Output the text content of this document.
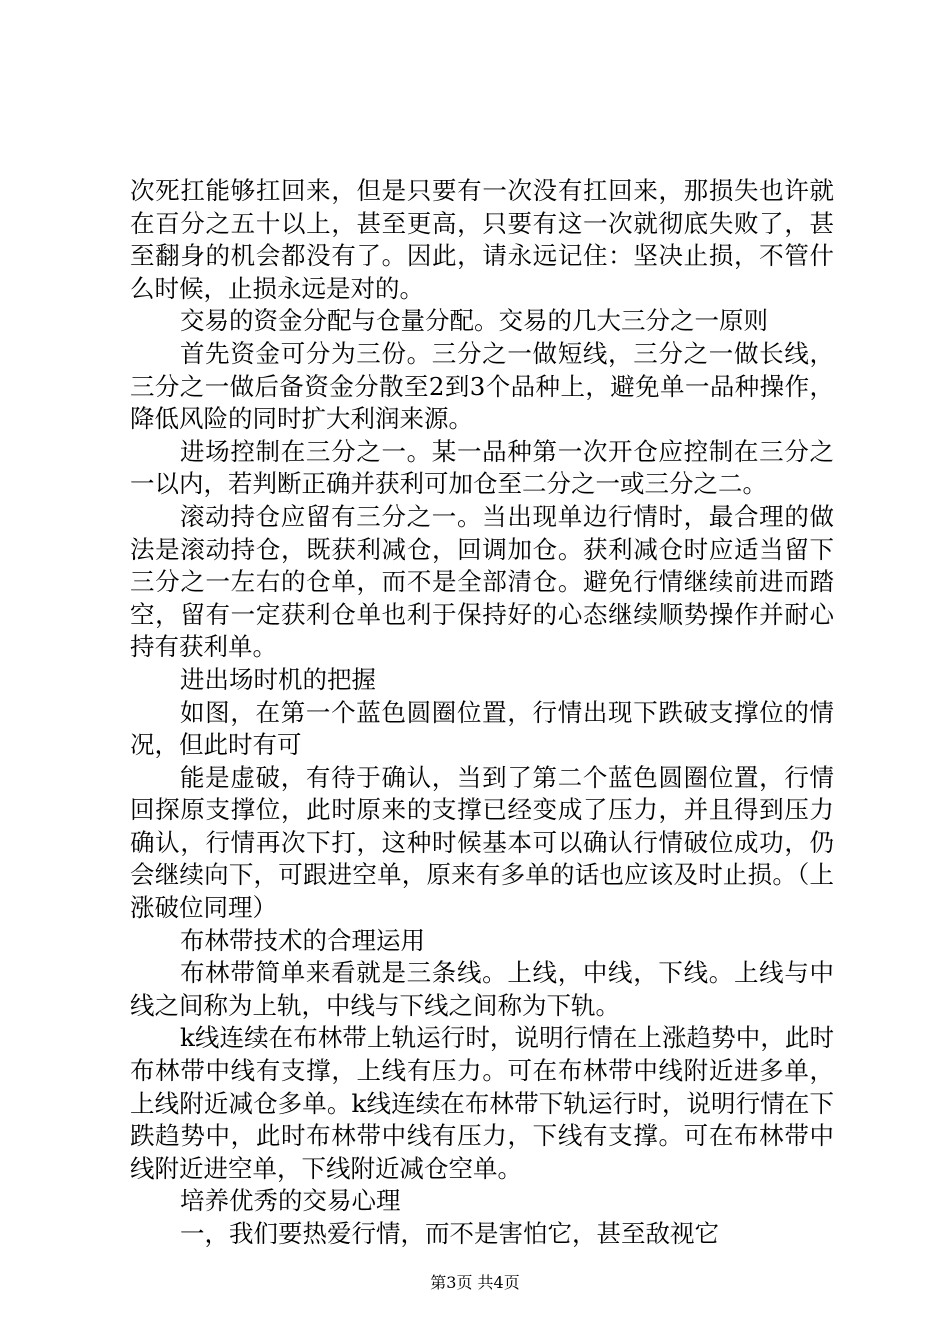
次死扛能够扛回来，但是只要有一次没有扛回来，那损失也许就在百分之五十以上，甚至更高，只要有这一次就彻底失败了，甚至翻身的机会都没有了。因此，请永远记住：坚决止损，不管什么时候，止损永远是对的。

交易的资金分配与仓量分配。交易的几大三分之一原则

首先资金可分为三份。三分之一做短线，三分之一做长线，三分之一做后备资金分散至2到3个品种上，避免单一品种操作，降低风险的同时扩大利润来源。

进场控制在三分之一。某一品种第一次开仓应控制在三分之一以内，若判断正确并获利可加仓至二分之一或三分之二。

滚动持仓应留有三分之一。当出现单边行情时，最合理的做法是滚动持仓，既获利减仓，回调加仓。获利减仓时应适当留下三分之一左右的仓单，而不是全部清仓。避免行情继续前进而踏空，留有一定获利仓单也利于保持好的心态继续顺势操作并耐心持有获利单。

进出场时机的把握

如图，在第一个蓝色圆圈位置，行情出现下跌破支撑位的情况，但此时有可

能是虚破，有待于确认，当到了第二个蓝色圆圈位置，行情回探原支撑位，此时原来的支撑已经变成了压力，并且得到压力确认，行情再次下打，这种时候基本可以确认行情破位成功，仍会继续向下，可跟进空单，原来有多单的话也应该及时止损。（上涨破位同理）

布林带技术的合理运用

布林带简单来看就是三条线。上线，中线，下线。上线与中线之间称为上轨，中线与下线之间称为下轨。

k线连续在布林带上轨运行时，说明行情在上涨趋势中，此时布林带中线有支撑，上线有压力。可在布林带中线附近进多单，上线附近减仓多单。k线连续在布林带下轨运行时，说明行情在下跌趋势中，此时布林带中线有压力，下线有支撑。可在布林带中线附近进空单，下线附近减仓空单。

培养优秀的交易心理

一，我们要热爱行情，而不是害怕它，甚至敌视它

第3页 共4页
